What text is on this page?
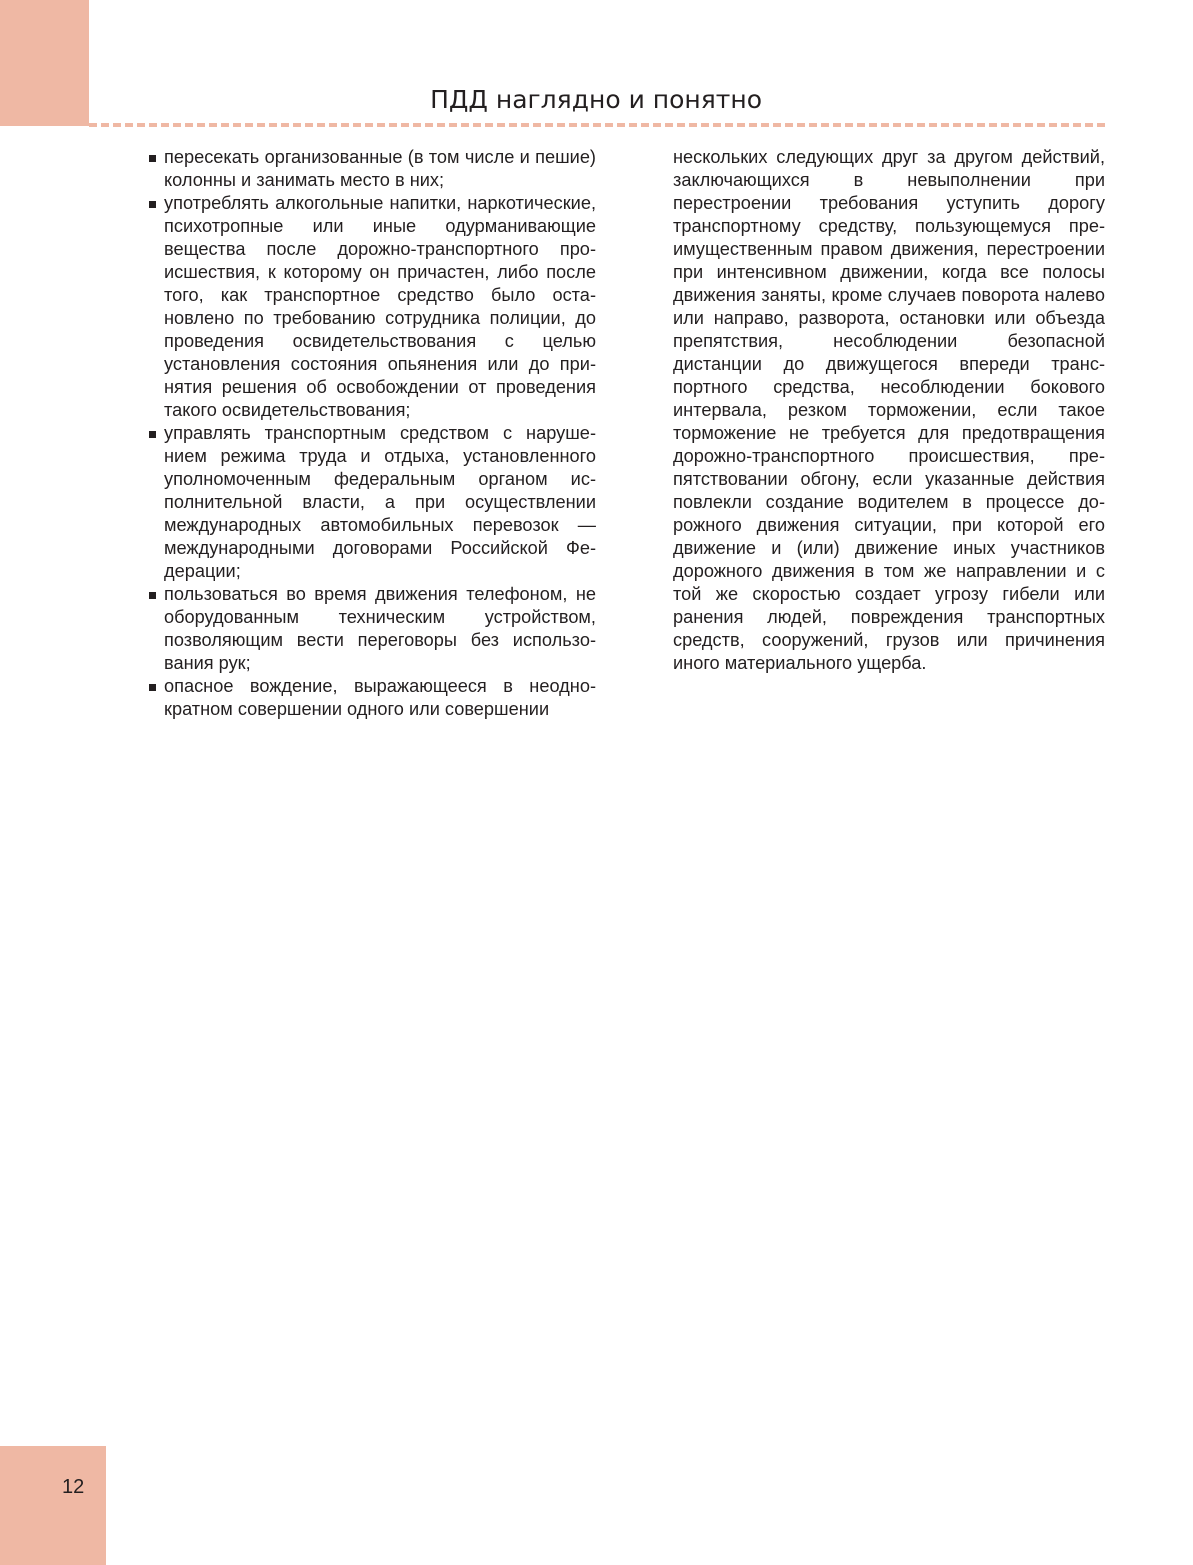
ПДД наглядно и понятно
пересекать организованные (в том числе и пешие) колонны и занимать место в них;
употреблять алкогольные напитки, наркотические, психотропные или иные одурманивающие вещества после дорожно-транспортного происшествия, к которому он причастен, либо после того, как транспортное средство было остановлено по требованию сотрудника полиции, до проведения освидетельствования с целью установления состояния опьянения или до принятия решения об освобождении от проведения такого освидетельствования;
управлять транспортным средством с нарушением режима труда и отдыха, установленного уполномоченным федеральным органом исполнительной власти, а при осуществлении международных автомобильных перевозок — международными договорами Российской Федерации;
пользоваться во время движения телефоном, не оборудованным техническим устройством, позволяющим вести переговоры без использования рук;
опасное вождение, выражающееся в неоднократном совершении одного или совершении

нескольких следующих друг за другом действий, заключающихся в невыполнении при перестроении требования уступить дорогу транспортному средству, пользующемуся преимущественным правом движения, перестроении при интенсивном движении, когда все полосы движения заняты, кроме случаев поворота налево или направо, разворота, остановки или объезда препятствия, несоблюдении безопасной дистанции до движущегося впереди транспортного средства, несоблюдении бокового интервала, резком торможении, если такое торможение не требуется для предотвращения дорожно-транспортного происшествия, препятствовании обгону, если указанные действия повлекли создание водителем в процессе дорожного движения ситуации, при которой его движение и (или) движение иных участников дорожного движения в том же направлении и с той же скоростью создает угрозу гибели или ранения людей, повреждения транспортных средств, сооружений, грузов или причинения иного материального ущерба.

12
